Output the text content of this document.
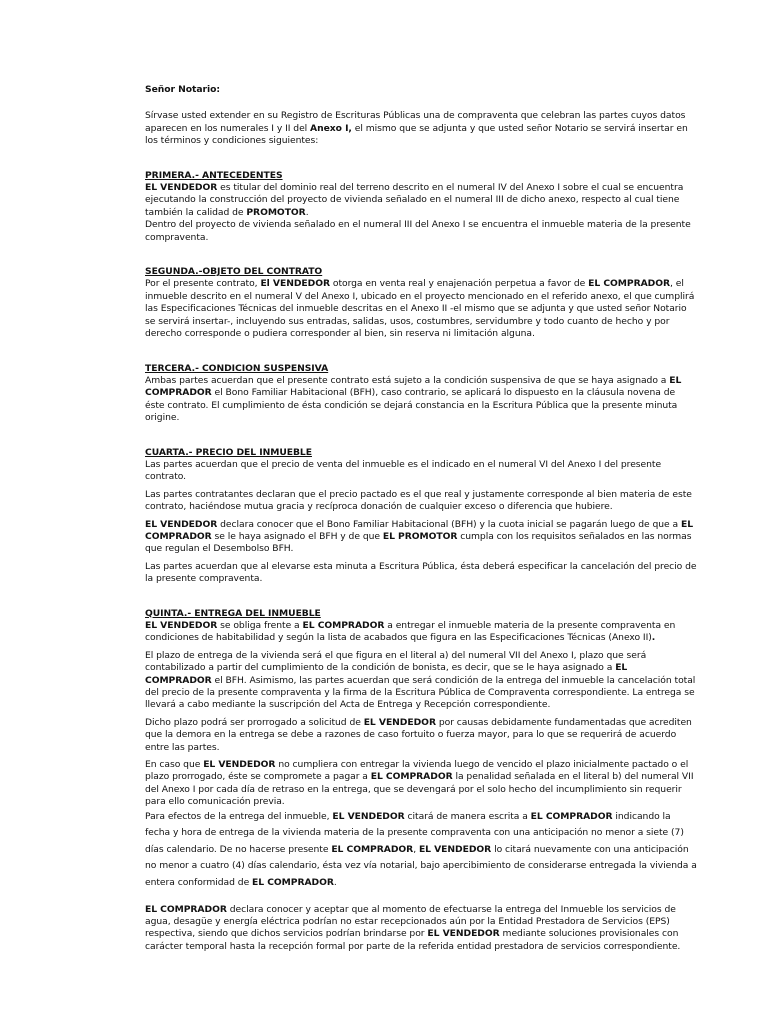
Señor Notario:

Sírvase usted extender en su Registro de Escrituras Públicas una de compraventa que celebran las partes cuyos datos aparecen en los numerales I y II del Anexo I, el mismo que se adjunta y que usted señor Notario se servirá insertar en los términos y condiciones siguientes:

PRIMERA.- ANTECEDENTES

EL VENDEDOR es titular del dominio real del terreno descrito en el numeral IV del Anexo I sobre el cual se encuentra ejecutando la construcción del proyecto de vivienda señalado en el numeral III de dicho anexo, respecto al cual tiene también la calidad de PROMOTOR.

Dentro del proyecto de vivienda señalado en el numeral III del Anexo I se encuentra el inmueble materia de la presente compraventa.

SEGUNDA.-OBJETO DEL CONTRATO

Por el presente contrato, El VENDEDOR otorga en venta real y enajenación perpetua a favor de EL COMPRADOR, el inmueble descrito en el numeral V del Anexo I, ubicado en el proyecto mencionado en el referido anexo, el que cumplirá las Especificaciones Técnicas del inmueble descritas en el Anexo II -el mismo que se adjunta y que usted señor Notario se servirá insertar-, incluyendo sus entradas, salidas, usos, costumbres, servidumbre y todo cuanto de hecho y por derecho corresponde o pudiera corresponder al bien, sin reserva ni limitación alguna.

TERCERA.- CONDICION SUSPENSIVA

Ambas partes acuerdan que el presente contrato está sujeto a la condición suspensiva de que se haya asignado a EL COMPRADOR el Bono Familiar Habitacional (BFH), caso contrario, se aplicará lo dispuesto en la cláusula novena de éste contrato. El cumplimiento de ésta condición se dejará constancia en la Escritura Pública que la presente minuta origine.

CUARTA.- PRECIO DEL INMUEBLE

Las partes acuerdan que el precio de venta del inmueble es el indicado en el numeral VI del Anexo I del presente contrato.

Las partes contratantes declaran que el precio pactado es el que real y justamente corresponde al bien materia de este contrato, haciéndose mutua gracia y recíproca donación de cualquier exceso o diferencia que hubiere.

EL VENDEDOR declara conocer que el Bono Familiar Habitacional (BFH) y la cuota inicial se pagarán luego de que a EL COMPRADOR se le haya asignado el BFH y de que EL PROMOTOR cumpla con los requisitos señalados en las normas que regulan el Desembolso BFH.

Las partes acuerdan que al elevarse esta minuta a Escritura Pública, ésta deberá especificar la cancelación del precio de la presente compraventa.

QUINTA.- ENTREGA DEL INMUEBLE

EL VENDEDOR se obliga frente a EL COMPRADOR a entregar el inmueble materia de la presente compraventa en condiciones de habitabilidad y según la lista de acabados que figura en las Especificaciones Técnicas (Anexo II).

El plazo de entrega de la vivienda será el que figura en el literal a) del numeral VII del Anexo I, plazo que será contabilizado a partir del cumplimiento de la condición de bonista, es decir, que se le haya asignado a EL COMPRADOR el BFH. Asimismo, las partes acuerdan que será condición de la entrega del inmueble la cancelación total del precio de la presente compraventa y la firma de la Escritura Pública de Compraventa correspondiente. La entrega se llevará a cabo mediante la suscripción del Acta de Entrega y Recepción correspondiente.

Dicho plazo podrá ser prorrogado a solicitud de EL VENDEDOR por causas debidamente fundamentadas que acrediten que la demora en la entrega se debe a razones de caso fortuito o fuerza mayor, para lo que se requerirá de acuerdo entre las partes.

En caso que EL VENDEDOR no cumpliera con entregar la vivienda luego de vencido el plazo inicialmente pactado o el plazo prorrogado, éste se compromete a pagar a EL COMPRADOR la penalidad señalada en el literal b) del numeral VII del Anexo I por cada día de retraso en la entrega, que se devengará por el solo hecho del incumplimiento sin requerir para ello comunicación previa.

Para efectos de la entrega del inmueble, EL VENDEDOR citará de manera escrita a EL COMPRADOR indicando la fecha y hora de entrega de la vivienda materia de la presente compraventa con una anticipación no menor a siete (7) días calendario. De no hacerse presente EL COMPRADOR, EL VENDEDOR lo citará nuevamente con una anticipación no menor a cuatro (4) días calendario, ésta vez vía notarial, bajo apercibimiento de considerarse entregada la vivienda a entera conformidad de EL COMPRADOR.

EL COMPRADOR declara conocer y aceptar que al momento de efectuarse la entrega del Inmueble los servicios de agua, desagüe y energía eléctrica podrían no estar recepcionados aún por la Entidad Prestadora de Servicios (EPS) respectiva, siendo que dichos servicios podrían brindarse por EL VENDEDOR mediante soluciones provisionales con carácter temporal hasta la recepción formal por parte de la referida entidad prestadora de servicios correspondiente.
